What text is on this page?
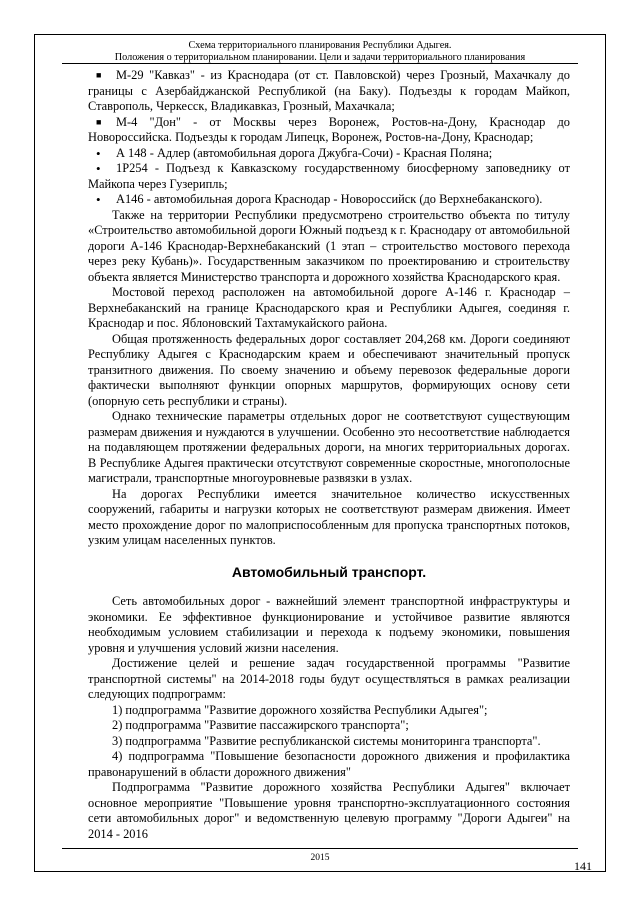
Схема территориального планирования Республики Адыгея.
Положения о территориальном планировании. Цели и задачи территориального планирования

■ М-29 "Кавказ" - из Краснодара (от ст. Павловской) через Грозный, Махачкалу до границы с Азербайджанской Республикой (на Баку). Подъезды к городам Майкоп, Ставрополь, Черкесск, Владикавказ, Грозный, Махачкала;

■ М-4 "Дон" - от Москвы через Воронеж, Ростов-на-Дону, Краснодар до Новороссийска. Подъезды к городам Липецк, Воронеж, Ростов-на-Дону, Краснодар;

• А 148 - Адлер (автомобильная дорога Джубга-Сочи) - Красная Поляна;

• 1Р254 - Подъезд к Кавказскому государственному биосферному заповеднику от Майкопа через Гузерипль;

• А146 - автомобильная дорога Краснодар - Новороссийск (до Верхнебаканского).

Также на территории Республики предусмотрено строительство объекта по титулу «Строительство автомобильной дороги Южный подъезд к г. Краснодару от автомобильной дороги А-146 Краснодар-Верхнебаканский (1 этап – строительство мостового перехода через реку Кубань)». Государственным заказчиком по проектированию и строительству объекта является Министерство транспорта и дорожного хозяйства Краснодарского края.

Мостовой переход расположен на автомобильной дороге А-146 г. Краснодар – Верхнебаканский на границе Краснодарского края и Республики Адыгея, соединяя г. Краснодар и пос. Яблоновский Тахтамукайского района.

Общая протяженность федеральных дорог составляет 204,268 км. Дороги соединяют Республику Адыгея с Краснодарским краем и обеспечивают значительный пропуск транзитного движения. По своему значению и объему перевозок федеральные дороги фактически выполняют функции опорных маршрутов, формирующих основу сети (опорную сеть республики и страны).

Однако технические параметры отдельных дорог не соответствуют существующим размерам движения и нуждаются в улучшении. Особенно это несоответствие наблюдается на подавляющем протяжении федеральных дороги, на многих территориальных дорогах. В Республике Адыгея практически отсутствуют современные скоростные, многополосные магистрали, транспортные многоуровневые развязки в узлах.

На дорогах Республики имеется значительное количество искусственных сооружений, габариты и нагрузки которых не соответствуют размерам движения. Имеет место прохождение дорог по малоприспособленным для пропуска транспортных потоков, узким улицам населенных пунктов.

Автомобильный транспорт.

Сеть автомобильных дорог - важнейший элемент транспортной инфраструктуры и экономики. Ее эффективное функционирование и устойчивое развитие являются необходимым условием стабилизации и перехода к подъему экономики, повышения уровня и улучшения условий жизни населения.

Достижение целей и решение задач государственной программы "Развитие транспортной системы" на 2014-2018 годы будут осуществляться в рамках реализации следующих подпрограмм:

1) подпрограмма "Развитие дорожного хозяйства Республики Адыгея";

2) подпрограмма "Развитие пассажирского транспорта";

3) подпрограмма "Развитие республиканской системы мониторинга транспорта".

4) подпрограмма "Повышение безопасности дорожного движения и профилактика правонарушений в области дорожного движения"

Подпрограмма "Развитие дорожного хозяйства Республики Адыгея" включает основное мероприятие "Повышение уровня транспортно-эксплуатационного состояния сети автомобильных дорог" и ведомственную целевую программу "Дороги Адыгеи" на 2014 - 2016

2015
141
